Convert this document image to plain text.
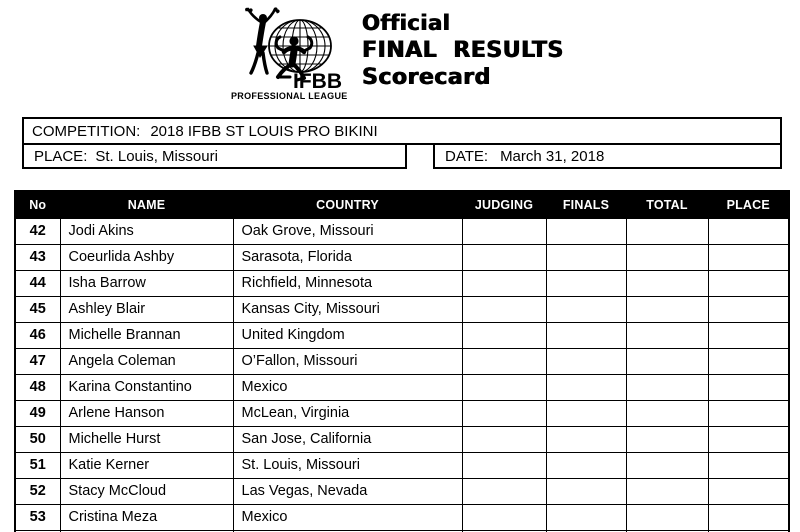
IFBB
PROFESSIONAL LEAGUE
Official
FINAL RESULTS
Scorecard
COMPETITION: 2018 IFBB ST LOUIS PRO BIKINI
PLACE: St. Louis, Missouri	DATE: March 31, 2018
No	NAME	COUNTRY	JUDGING	FINALS	TOTAL	PLACE
42	Jodi Akins	Oak Grove, Missouri				
43	Coeurlida Ashby	Sarasota, Florida				
44	Isha Barrow	Richfield, Minnesota				
45	Ashley Blair	Kansas City, Missouri				
46	Michelle Brannan	United Kingdom				
47	Angela Coleman	O’Fallon, Missouri				
48	Karina Constantino	Mexico				
49	Arlene Hanson	McLean, Virginia				
50	Michelle Hurst	San Jose, California				
51	Katie Kerner	St. Louis, Missouri				
52	Stacy McCloud	Las Vegas, Nevada				
53	Cristina Meza	Mexico				
